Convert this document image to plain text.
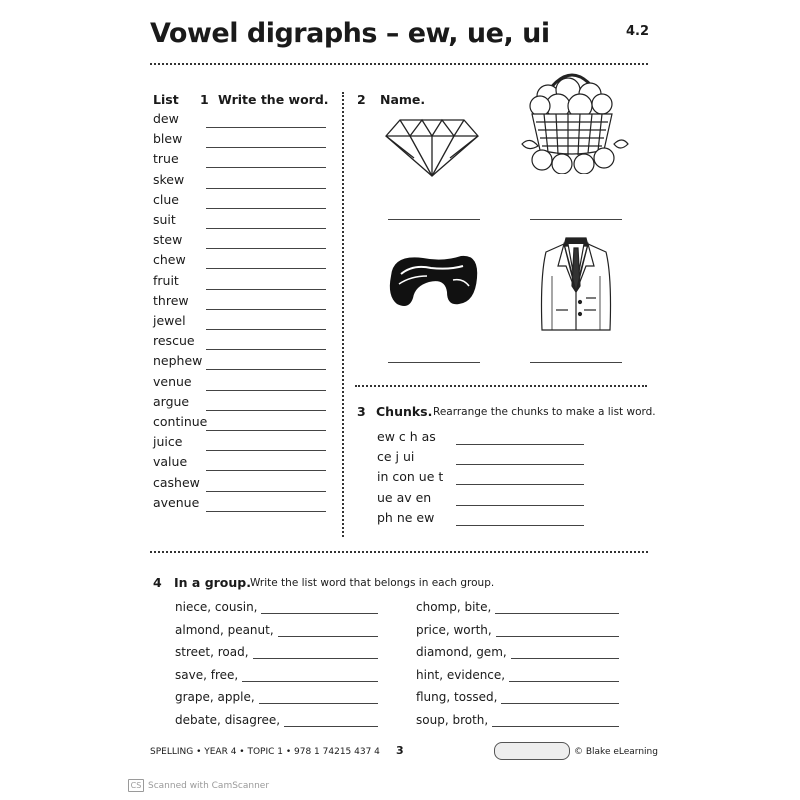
Vowel digraphs – ew, ue, ui	4.2
List 1 Write the word.
dew
blew
true
skew
clue
suit
stew
chew
fruit
threw
jewel
rescue
nephew
venue
argue
continue
juice
value
cashew
avenue
2 Name.
3 Chunks. Rearrange the chunks to make a list word.
ew c h as
ce j ui
in con ue t
ue av en
ph ne ew
4 In a group. Write the list word that belongs in each group.
niece, cousin,
almond, peanut,
street, road,
save, free,
grape, apple,
debate, disagree,
chomp, bite,
price, worth,
diamond, gem,
hint, evidence,
flung, tossed,
soup, broth,
SPELLING • YEAR 4 • TOPIC 1 • 978 1 74215 437 4 3	© Blake eLearning
CS Scanned with CamScanner
